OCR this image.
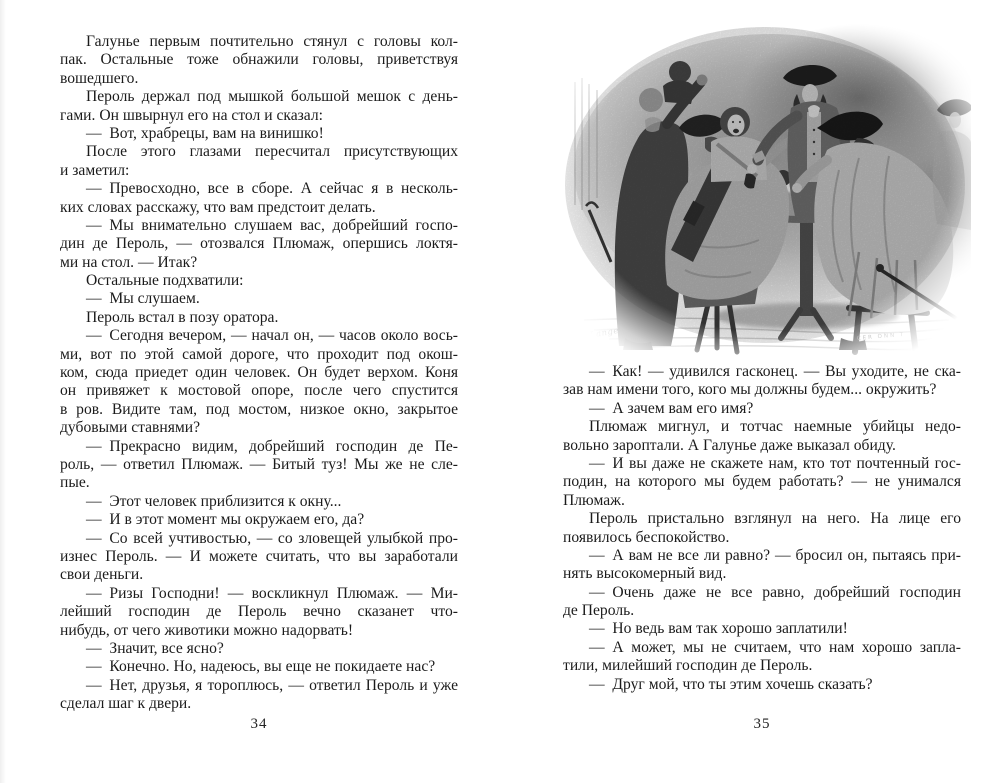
Галунье первым почтительно стянул с головы кол-
пак. Остальные тоже обнажили головы, приветствуя
вошедшего.
Пероль держал под мышкой большой мешок с день-
гами. Он швырнул его на стол и сказал:
— Вот, храбрецы, вам на винишко!
После этого глазами пересчитал присутствующих
и заметил:
— Превосходно, все в сборе. А сейчас я в несколь-
ких словах расскажу, что вам предстоит делать.
— Мы внимательно слушаем вас, добрейший госпо-
дин де Пероль, — отозвался Плюмаж, опершись локтя-
ми на стол. — Итак?
Остальные подхватили:
— Мы слушаем.
Пероль встал в позу оратора.
— Сегодня вечером, — начал он, — часов около вось-
ми, вот по этой самой дороге, что проходит под окош-
ком, сюда приедет один человек. Он будет верхом. Коня
он привяжет к мостовой опоре, после чего спустится
в ров. Видите там, под мостом, низкое окно, закрытое
дубовыми ставнями?
— Прекрасно видим, добрейший господин де Пе-
роль, — ответил Плюмаж. — Битый туз! Мы же не сле-
пые.
— Этот человек приблизится к окну...
— И в этот момент мы окружаем его, да?
— Со всей учтивостью, — со зловещей улыбкой про-
изнес Пероль. — И можете считать, что вы заработали
свои деньги.
— Ризы Господни! — воскликнул Плюмаж. — Ми-
лейший господин де Пероль вечно сказанет что-
нибудь, от чего животики можно надорвать!
— Значит, все ясно?
— Конечно. Но, надеюсь, вы еще не покидаете нас?
— Нет, друзья, я тороплюсь, — ответил Пероль и уже
сделал шаг к двери.
34
— Как! — удивился гасконец. — Вы уходите, не ска-
зав нам имени того, кого мы должны будем... окружить?
— А зачем вам его имя?
Плюмаж мигнул, и тотчас наемные убийцы недо-
вольно зароптали. А Галунье даже выказал обиду.
— И вы даже не скажете нам, кто тот почтенный гос-
подин, на которого мы будем работать? — не унимался
Плюмаж.
Пероль пристально взглянул на него. На лице его
появилось беспокойство.
— А вам не все ли равно? — бросил он, пытаясь при-
нять высокомерный вид.
— Очень даже не все равно, добрейший господин
де Пероль.
— Но ведь вам так хорошо заплатили!
— А может, мы не считаем, что нам хорошо запла-
тили, милейший господин де Пероль.
— Друг мой, что ты этим хочешь сказать?
35
